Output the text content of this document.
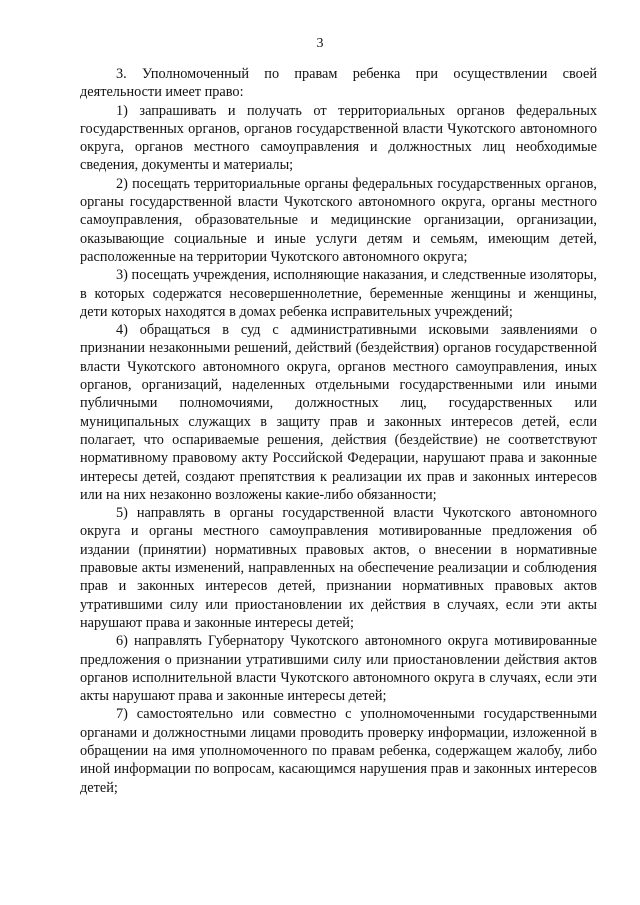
3

3. Уполномоченный по правам ребенка при осуществлении своей деятельности имеет право:

1) запрашивать и получать от территориальных органов федеральных государственных органов, органов государственной власти Чукотского автономного округа, органов местного самоуправления и должностных лиц необходимые сведения, документы и материалы;

2) посещать территориальные органы федеральных государственных органов, органы государственной власти Чукотского автономного округа, органы местного самоуправления, образовательные и медицинские организации, организации, оказывающие социальные и иные услуги детям и семьям, имеющим детей, расположенные на территории Чукотского автономного округа;

3) посещать учреждения, исполняющие наказания, и следственные изоляторы, в которых содержатся несовершеннолетние, беременные женщины и женщины, дети которых находятся в домах ребенка исправительных учреждений;

4) обращаться в суд с административными исковыми заявлениями о признании незаконными решений, действий (бездействия) органов государственной власти Чукотского автономного округа, органов местного самоуправления, иных органов, организаций, наделенных отдельными государственными или иными публичными полномочиями, должностных лиц, государственных или муниципальных служащих в защиту прав и законных интересов детей, если полагает, что оспариваемые решения, действия (бездействие) не соответствуют нормативному правовому акту Российской Федерации, нарушают права и законные интересы детей, создают препятствия к реализации их прав и законных интересов или на них незаконно возложены какие-либо обязанности;

5) направлять в органы государственной власти Чукотского автономного округа и органы местного самоуправления мотивированные предложения об издании (принятии) нормативных правовых актов, о внесении в нормативные правовые акты изменений, направленных на обеспечение реализации и соблюдения прав и законных интересов детей, признании нормативных правовых актов утратившими силу или приостановлении их действия в случаях, если эти акты нарушают права и законные интересы детей;

6) направлять Губернатору Чукотского автономного округа мотивированные предложения о признании утратившими силу или приостановлении действия актов органов исполнительной власти Чукотского автономного округа в случаях, если эти акты нарушают права и законные интересы детей;

7) самостоятельно или совместно с уполномоченными государственными органами и должностными лицами проводить проверку информации, изложенной в обращении на имя уполномоченного по правам ребенка, содержащем жалобу, либо иной информации по вопросам, касающимся нарушения прав и законных интересов детей;
